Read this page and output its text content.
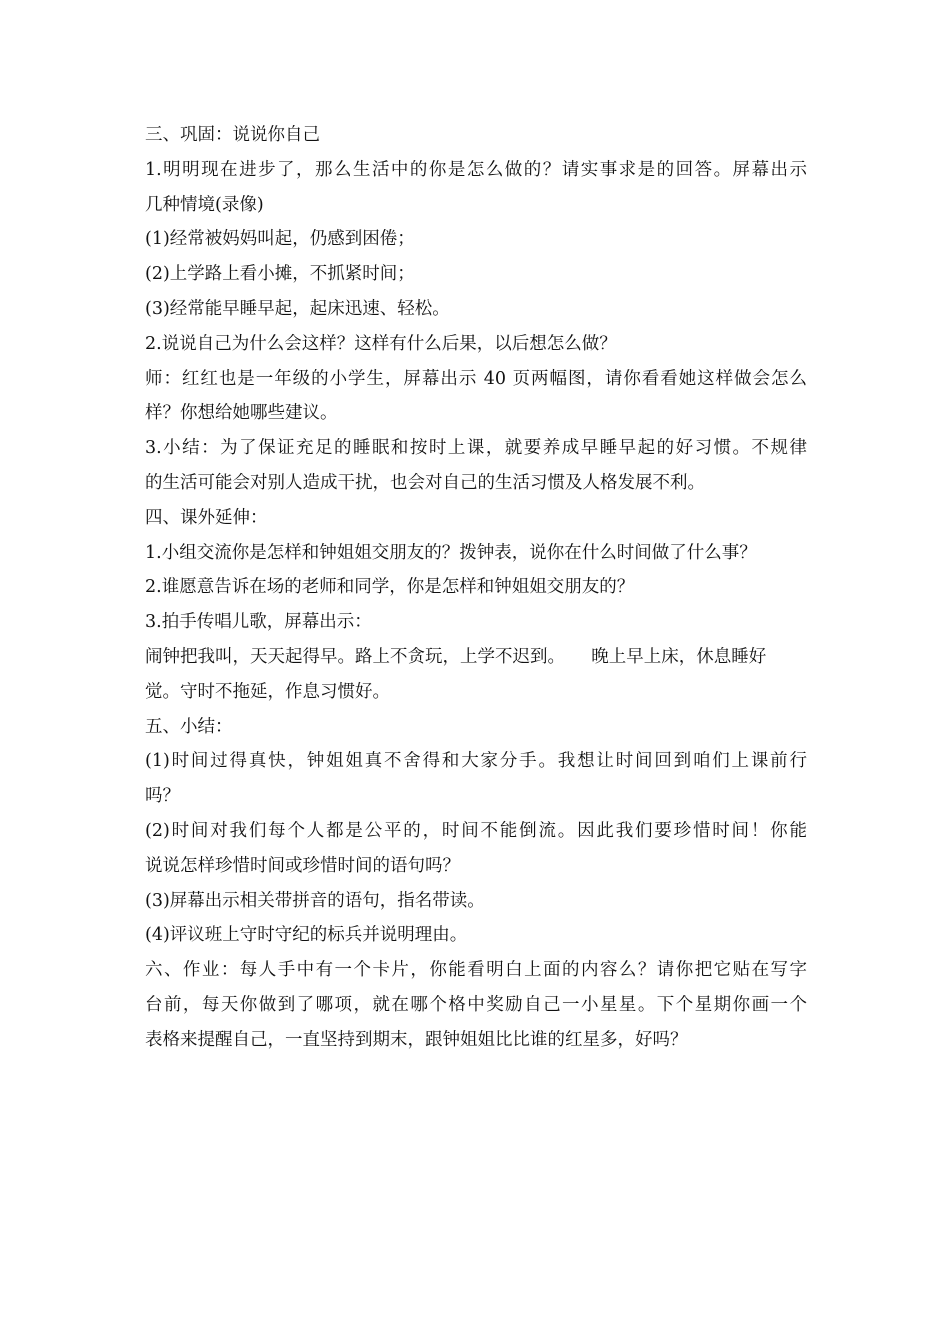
三、巩固：说说你自己

1.明明现在进步了，那么生活中的你是怎么做的？请实事求是的回答。屏幕出示

几种情境(录像)

(1)经常被妈妈叫起，仍感到困倦；

(2)上学路上看小摊，不抓紧时间；

(3)经常能早睡早起，起床迅速、轻松。

2.说说自己为什么会这样？这样有什么后果，以后想怎么做？

师：红红也是一年级的小学生，屏幕出示 40 页两幅图，请你看看她这样做会怎么

样？你想给她哪些建议。

3.小结：为了保证充足的睡眠和按时上课，就要养成早睡早起的好习惯。不规律

的生活可能会对别人造成干扰，也会对自己的生活习惯及人格发展不利。

四、课外延伸：

1.小组交流你是怎样和钟姐姐交朋友的？拨钟表，说你在什么时间做了什么事？

2.谁愿意告诉在场的老师和同学，你是怎样和钟姐姐交朋友的？

3.拍手传唱儿歌，屏幕出示：

闹钟把我叫，天天起得早。路上不贪玩，上学不迟到。　　晚上早上床，休息睡好

觉。守时不拖延，作息习惯好。

五、小结：

(1)时间过得真快，钟姐姐真不舍得和大家分手。我想让时间回到咱们上课前行

吗？

(2)时间对我们每个人都是公平的，时间不能倒流。因此我们要珍惜时间！你能

说说怎样珍惜时间或珍惜时间的语句吗？

(3)屏幕出示相关带拼音的语句，指名带读。

(4)评议班上守时守纪的标兵并说明理由。

六、作业：每人手中有一个卡片，你能看明白上面的内容么？请你把它贴在写字

台前，每天你做到了哪项，就在哪个格中奖励自己一小星星。下个星期你画一个

表格来提醒自己，一直坚持到期末，跟钟姐姐比比谁的红星多，好吗？
